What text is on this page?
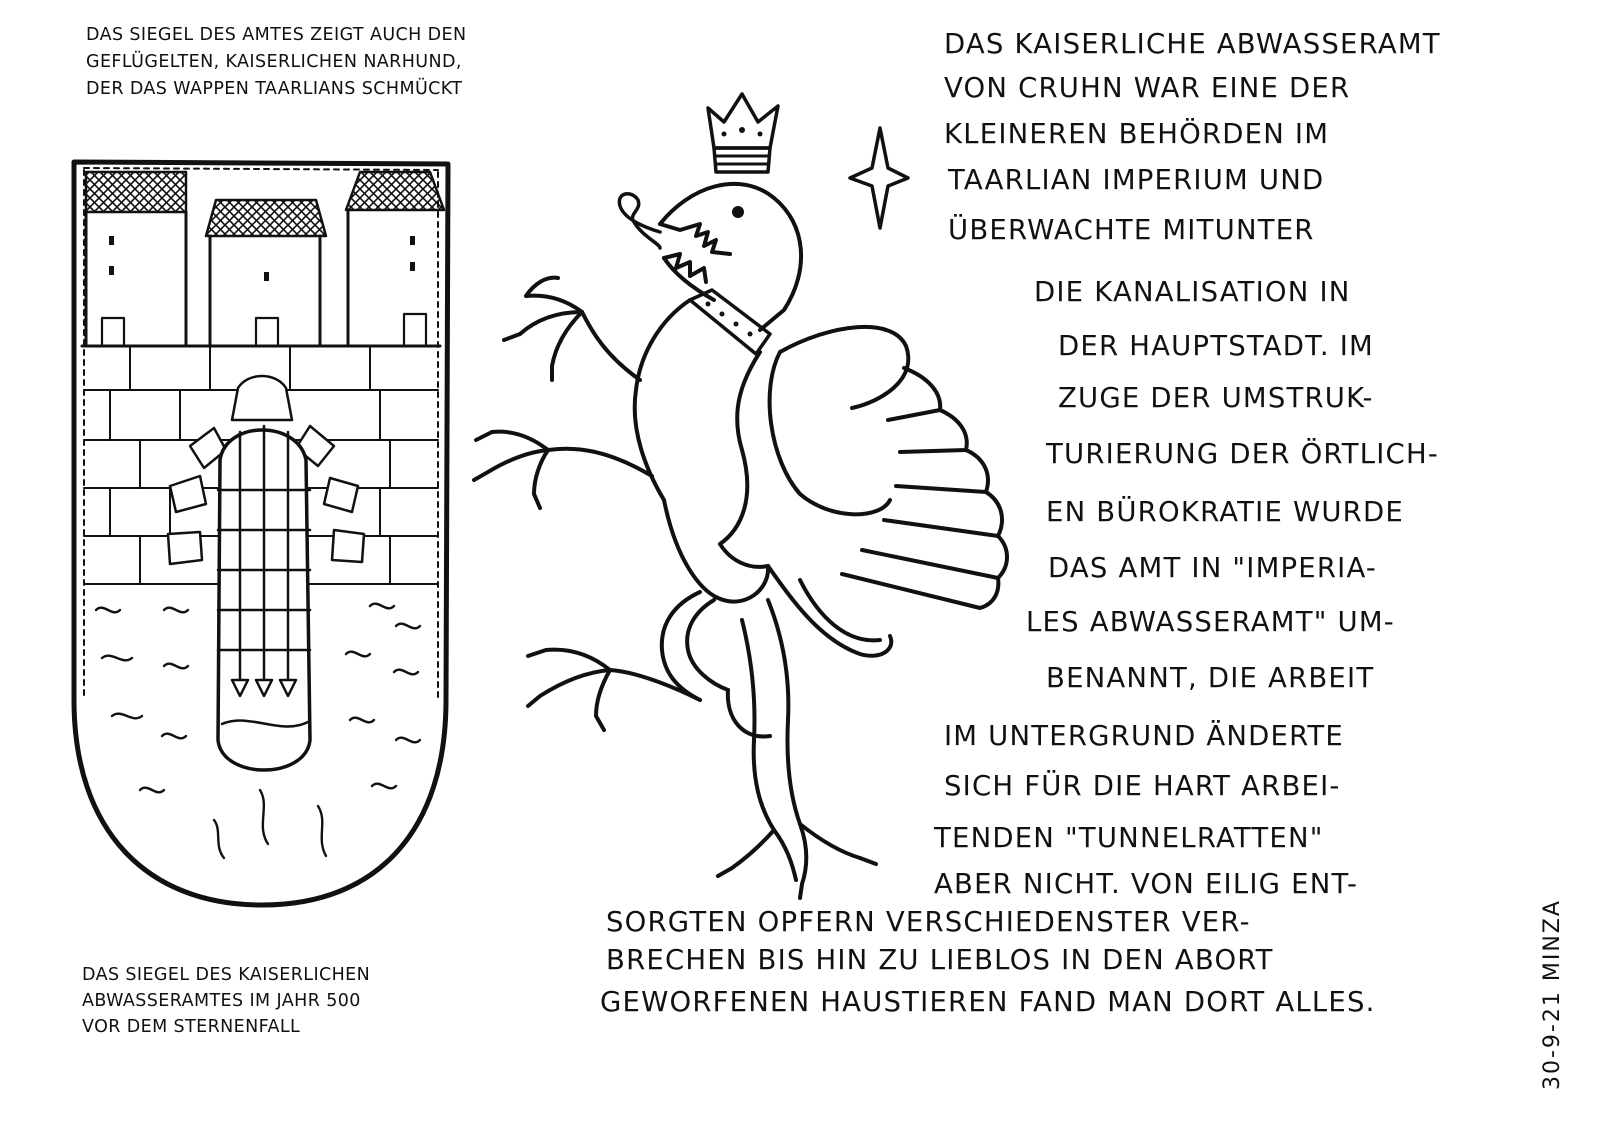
DAS SIEGEL DES AMTES ZEIGT AUCH DEN
GEFLÜGELTEN, KAISERLICHEN NARHUND,
DER DAS WAPPEN TAARLIANS SCHMÜCKT
DAS SIEGEL DES KAISERLICHEN
ABWASSERAMTES IM JAHR 500
VOR DEM STERNENFALL
DAS KAISERLICHE ABWASSERAMT
VON CRUHN WAR EINE DER
KLEINEREN BEHÖRDEN IM
TAARLIAN IMPERIUM UND
ÜBERWACHTE MITUNTER
DIE KANALISATION IN
DER HAUPTSTADT. IM
ZUGE DER UMSTRUK-
TURIERUNG DER ÖRTLICH-
EN BÜROKRATIE WURDE
DAS AMT IN "IMPERIA-
LES ABWASSERAMT" UM-
BENANNT, DIE ARBEIT
IM UNTERGRUND ÄNDERTE
SICH FÜR DIE HART ARBEI-
TENDEN "TUNNELRATTEN"
ABER NICHT. VON EILIG ENT-
SORGTEN OPFERN VERSCHIEDENSTER VER-
BRECHEN BIS HIN ZU LIEBLOS IN DEN ABORT
GEWORFENEN HAUSTIEREN FAND MAN DORT ALLES.	30-9-21 MINZA
